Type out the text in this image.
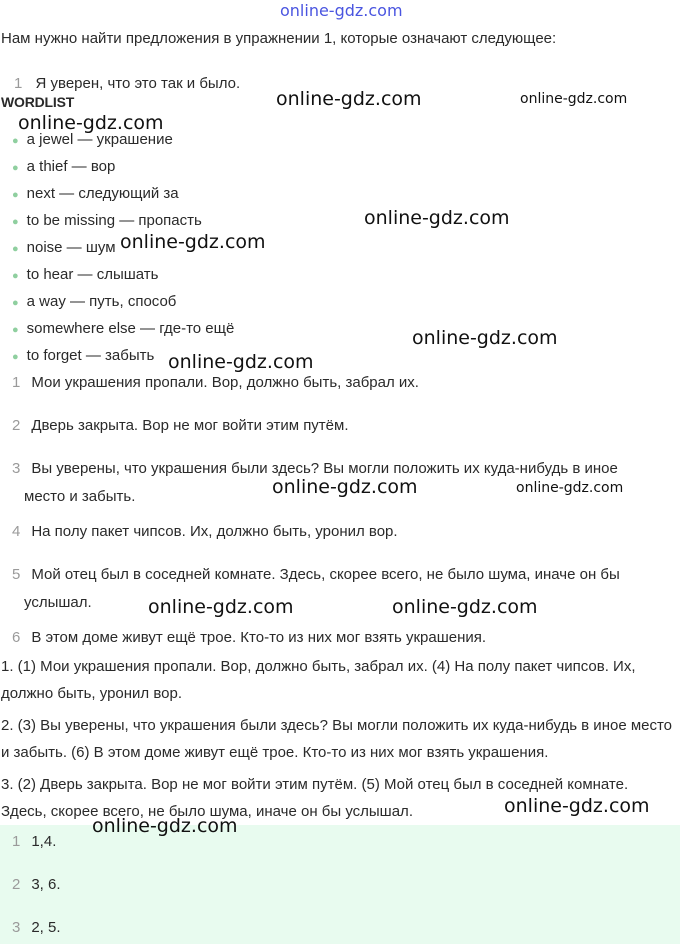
online-gdz.com
Нам нужно найти предложения в упражнении 1, которые означают следующее:
1 Я уверен, что это так и было.
WORDLIST
● a jewel — украшение
● a thief — вор
● next — следующий за
● to be missing — пропасть
● noise — шум
● to hear — слышать
● a way — путь, способ
● somewhere else — где-то ещё
● to forget — забыть
1 Мои украшения пропали. Вор, должно быть, забрал их.
2 Дверь закрыта. Вор не мог войти этим путём.
3 Вы уверены, что украшения были здесь? Вы могли положить их куда-нибудь в иное
место и забыть.
4 На полу пакет чипсов. Их, должно быть, уронил вор.
5 Мой отец был в соседней комнате. Здесь, скорее всего, не было шума, иначе он бы
услышал.
6 В этом доме живут ещё трое. Кто-то из них мог взять украшения.
1. (1) Мои украшения пропали. Вор, должно быть, забрал их. (4) На полу пакет чипсов. Их, должно быть, уронил вор.
2. (3) Вы уверены, что украшения были здесь? Вы могли положить их куда-нибудь в иное место и забыть. (6) В этом доме живут ещё трое. Кто-то из них мог взять украшения.
3. (2) Дверь закрыта. Вор не мог войти этим путём. (5) Мой отец был в соседней комнате. Здесь, скорее всего, не было шума, иначе он бы услышал.
1 1,4.
2 3, 6.
3 2, 5.
online-gdz.com	online-gdz.com
online-gdz.com
online-gdz.com
online-gdz.com
online-gdz.com
online-gdz.com
online-gdz.com	online-gdz.com
online-gdz.com	online-gdz.com
online-gdz.com
online-gdz.com
